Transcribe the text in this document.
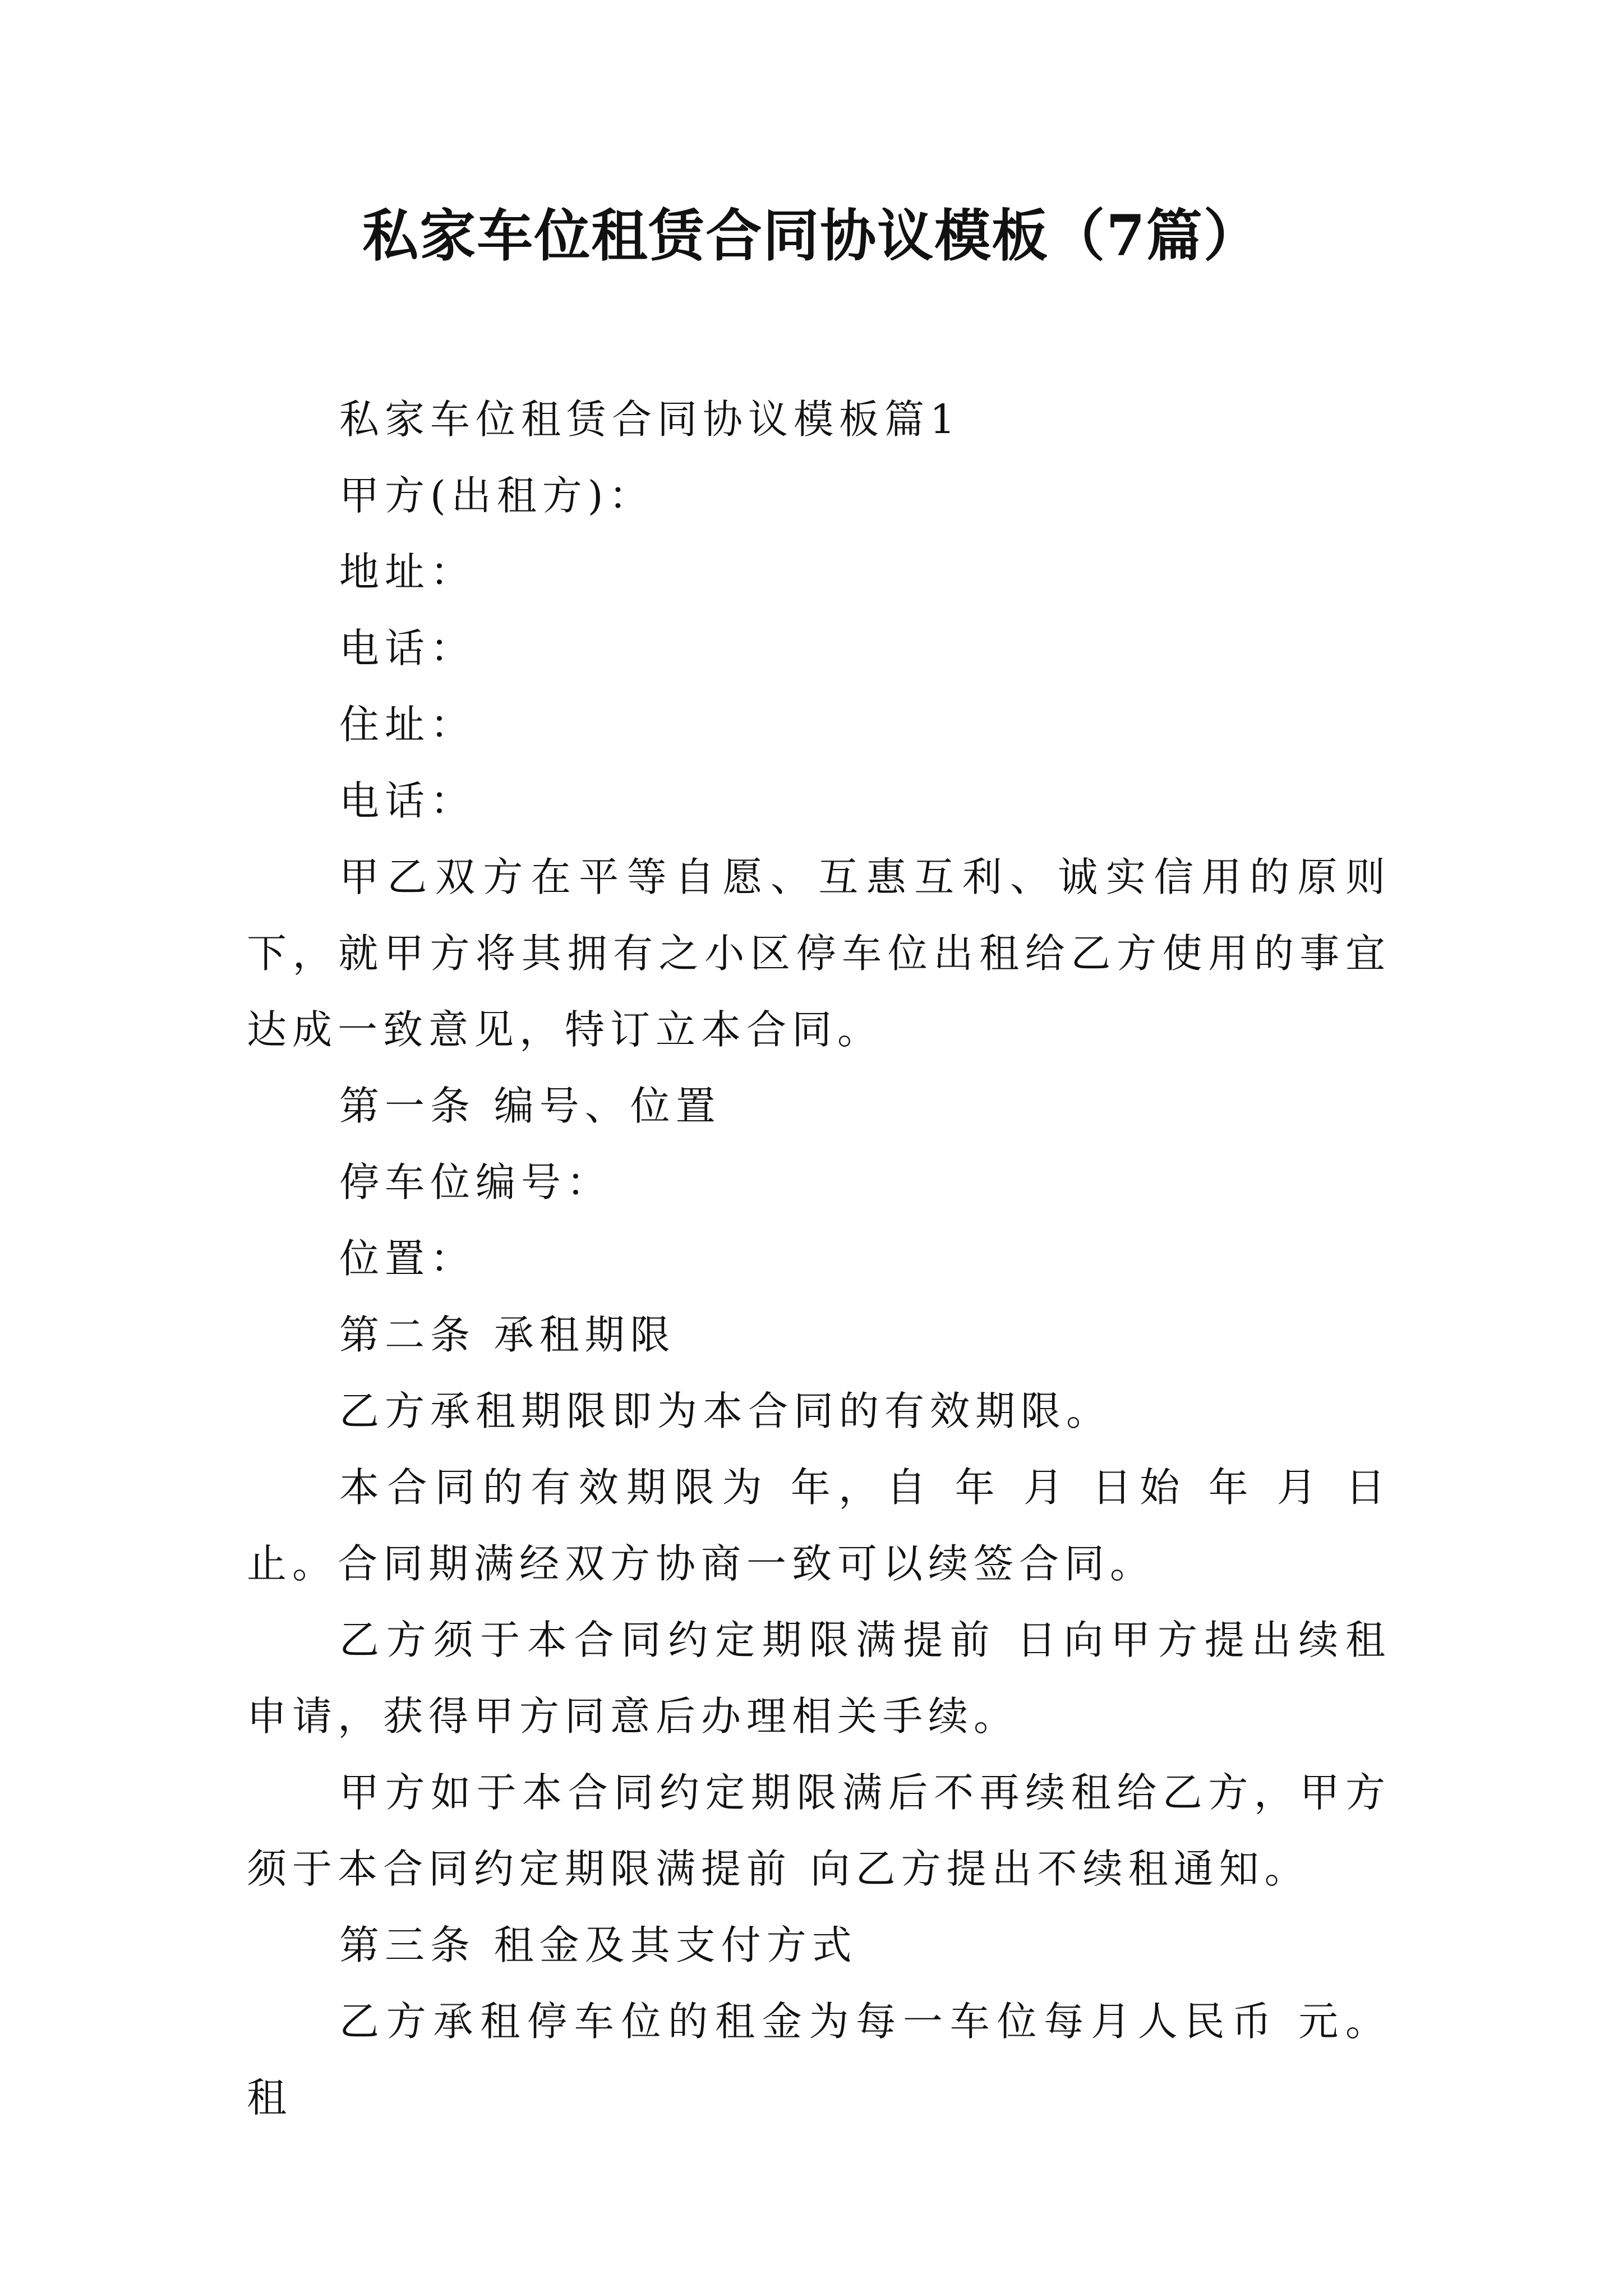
私家车位租赁合同协议模板（7篇）

私家车位租赁合同协议模板篇1

甲方(出租方)：

地址：

电话：

住址：

电话：

甲乙双方在平等自愿、互惠互利、诚实信用的原则下，就甲方将其拥有之小区停车位出租给乙方使用的事宜达成一致意见，特订立本合同。

第一条 编号、位置

停车位编号：

位置：

第二条 承租期限

乙方承租期限即为本合同的有效期限。

本合同的有效期限为 年，自 年 月 日始 年 月 日止。合同期满经双方协商一致可以续签合同。

乙方须于本合同约定期限满提前 日向甲方提出续租申请，获得甲方同意后办理相关手续。

甲方如于本合同约定期限满后不再续租给乙方，甲方须于本合同约定期限满提前 向乙方提出不续租通知。

第三条 租金及其支付方式

乙方承租停车位的租金为每一车位每月人民币 元。租
